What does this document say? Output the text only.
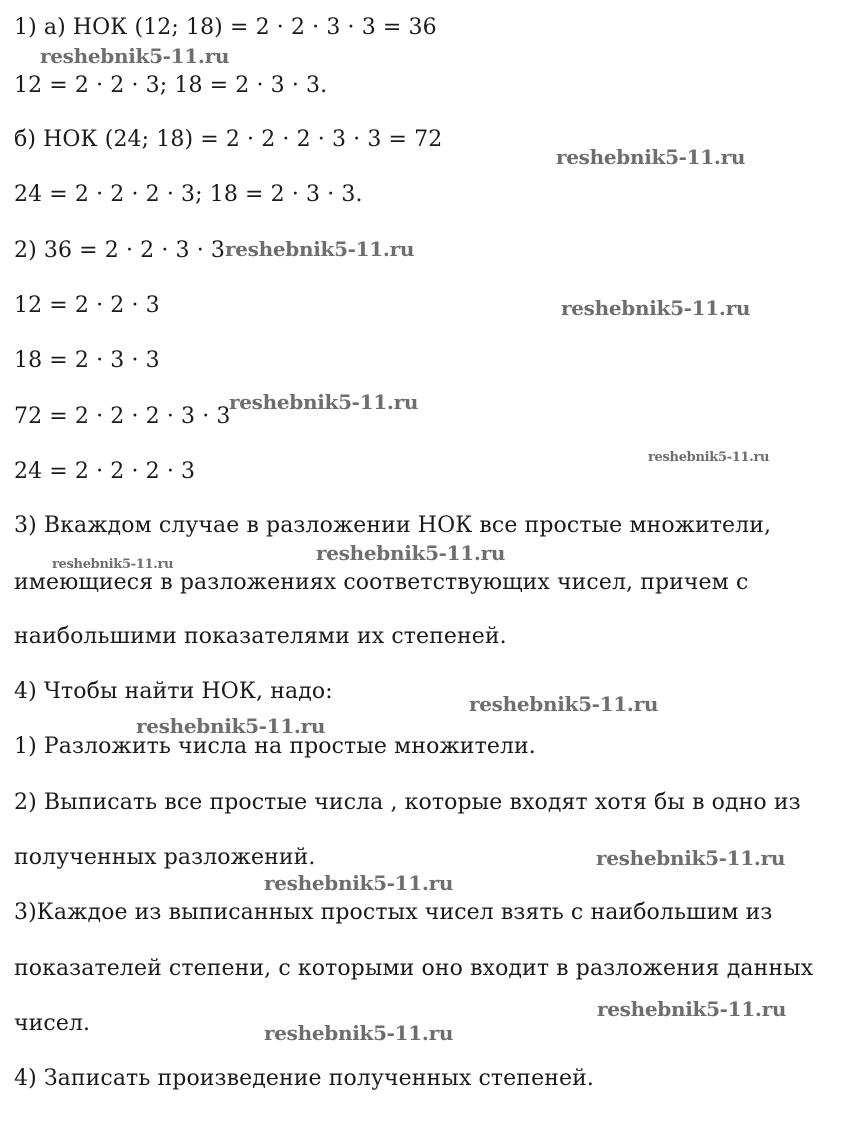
1) а) НОК (12; 18) = 2 · 2 · 3 · 3 = 36
12 = 2 · 2 · 3; 18 = 2 · 3 · 3.
б) НОК (24; 18) = 2 · 2 · 2 · 3 · 3 = 72
24 = 2 · 2 · 2 · 3; 18 = 2 · 3 · 3.
2) 36 = 2 · 2 · 3 · 3
12 = 2 · 2 · 3
18 = 2 · 3 · 3
72 = 2 · 2 · 2 · 3 · 3
24 = 2 · 2 · 2 · 3
3) Вкаждом случае в разложении НОК все простые множители,
имеющиеся в разложениях соответствующих чисел, причем с
наибольшими показателями их степеней.
4) Чтобы найти НОК, надо:
1) Разложить числа на простые множители.
2) Выписать все простые числа , которые входят хотя бы в одно из
полученных разложений.
3)Каждое из выписанных простых чисел взять с наибольшим из
показателей степени, с которыми оно входит в разложения данных
чисел.
4) Записать произведение полученных степеней.
reshebnik5-11.ru
reshebnik5-11.ru
reshebnik5-11.ru
reshebnik5-11.ru
reshebnik5-11.ru
reshebnik5-11.ru
reshebnik5-11.ru
reshebnik5-11.ru
reshebnik5-11.ru
reshebnik5-11.ru
reshebnik5-11.ru
reshebnik5-11.ru
reshebnik5-11.ru
reshebnik5-11.ru
